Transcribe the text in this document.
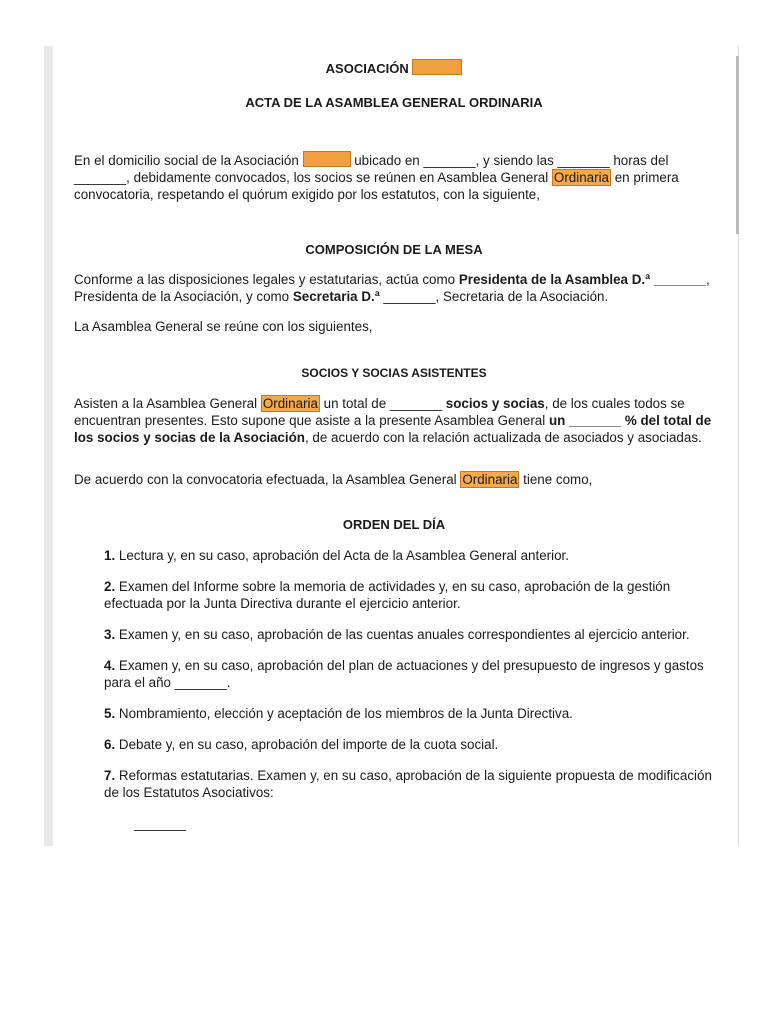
ASOCIACIÓN

ACTA DE LA ASAMBLEA GENERAL ORDINARIA

En el domicilio social de la Asociación	ubicado en _______, y siendo las _______ horas del _______, debidamente convocados, los socios se reúnen en Asamblea General Ordinaria en primera convocatoria, respetando el quórum exigido por los estatutos, con la siguiente,

COMPOSICIÓN DE LA MESA

Conforme a las disposiciones legales y estatutarias, actúa como Presidenta de la Asamblea D.ª _______, Presidenta de la Asociación, y como Secretaria D.ª _______, Secretaria de la Asociación.

La Asamblea General se reúne con los siguientes,

SOCIOS Y SOCIAS ASISTENTES

Asisten a la Asamblea General Ordinaria un total de _______ socios y socias, de los cuales todos se encuentran presentes. Esto supone que asiste a la presente Asamblea General un _______ % del total de los socios y socias de la Asociación, de acuerdo con la relación actualizada de asociados y asociadas.

De acuerdo con la convocatoria efectuada, la Asamblea General Ordinaria tiene como,

ORDEN DEL DÍA

1. Lectura y, en su caso, aprobación del Acta de la Asamblea General anterior.

2. Examen del Informe sobre la memoria de actividades y, en su caso, aprobación de la gestión efectuada por la Junta Directiva durante el ejercicio anterior.

3. Examen y, en su caso, aprobación de las cuentas anuales correspondientes al ejercicio anterior.

4. Examen y, en su caso, aprobación del plan de actuaciones y del presupuesto de ingresos y gastos para el año _______.

5. Nombramiento, elección y aceptación de los miembros de la Junta Directiva.

6. Debate y, en su caso, aprobación del importe de la cuota social.

7. Reformas estatutarias. Examen y, en su caso, aprobación de la siguiente propuesta de modificación de los Estatutos Asociativos:

_______
